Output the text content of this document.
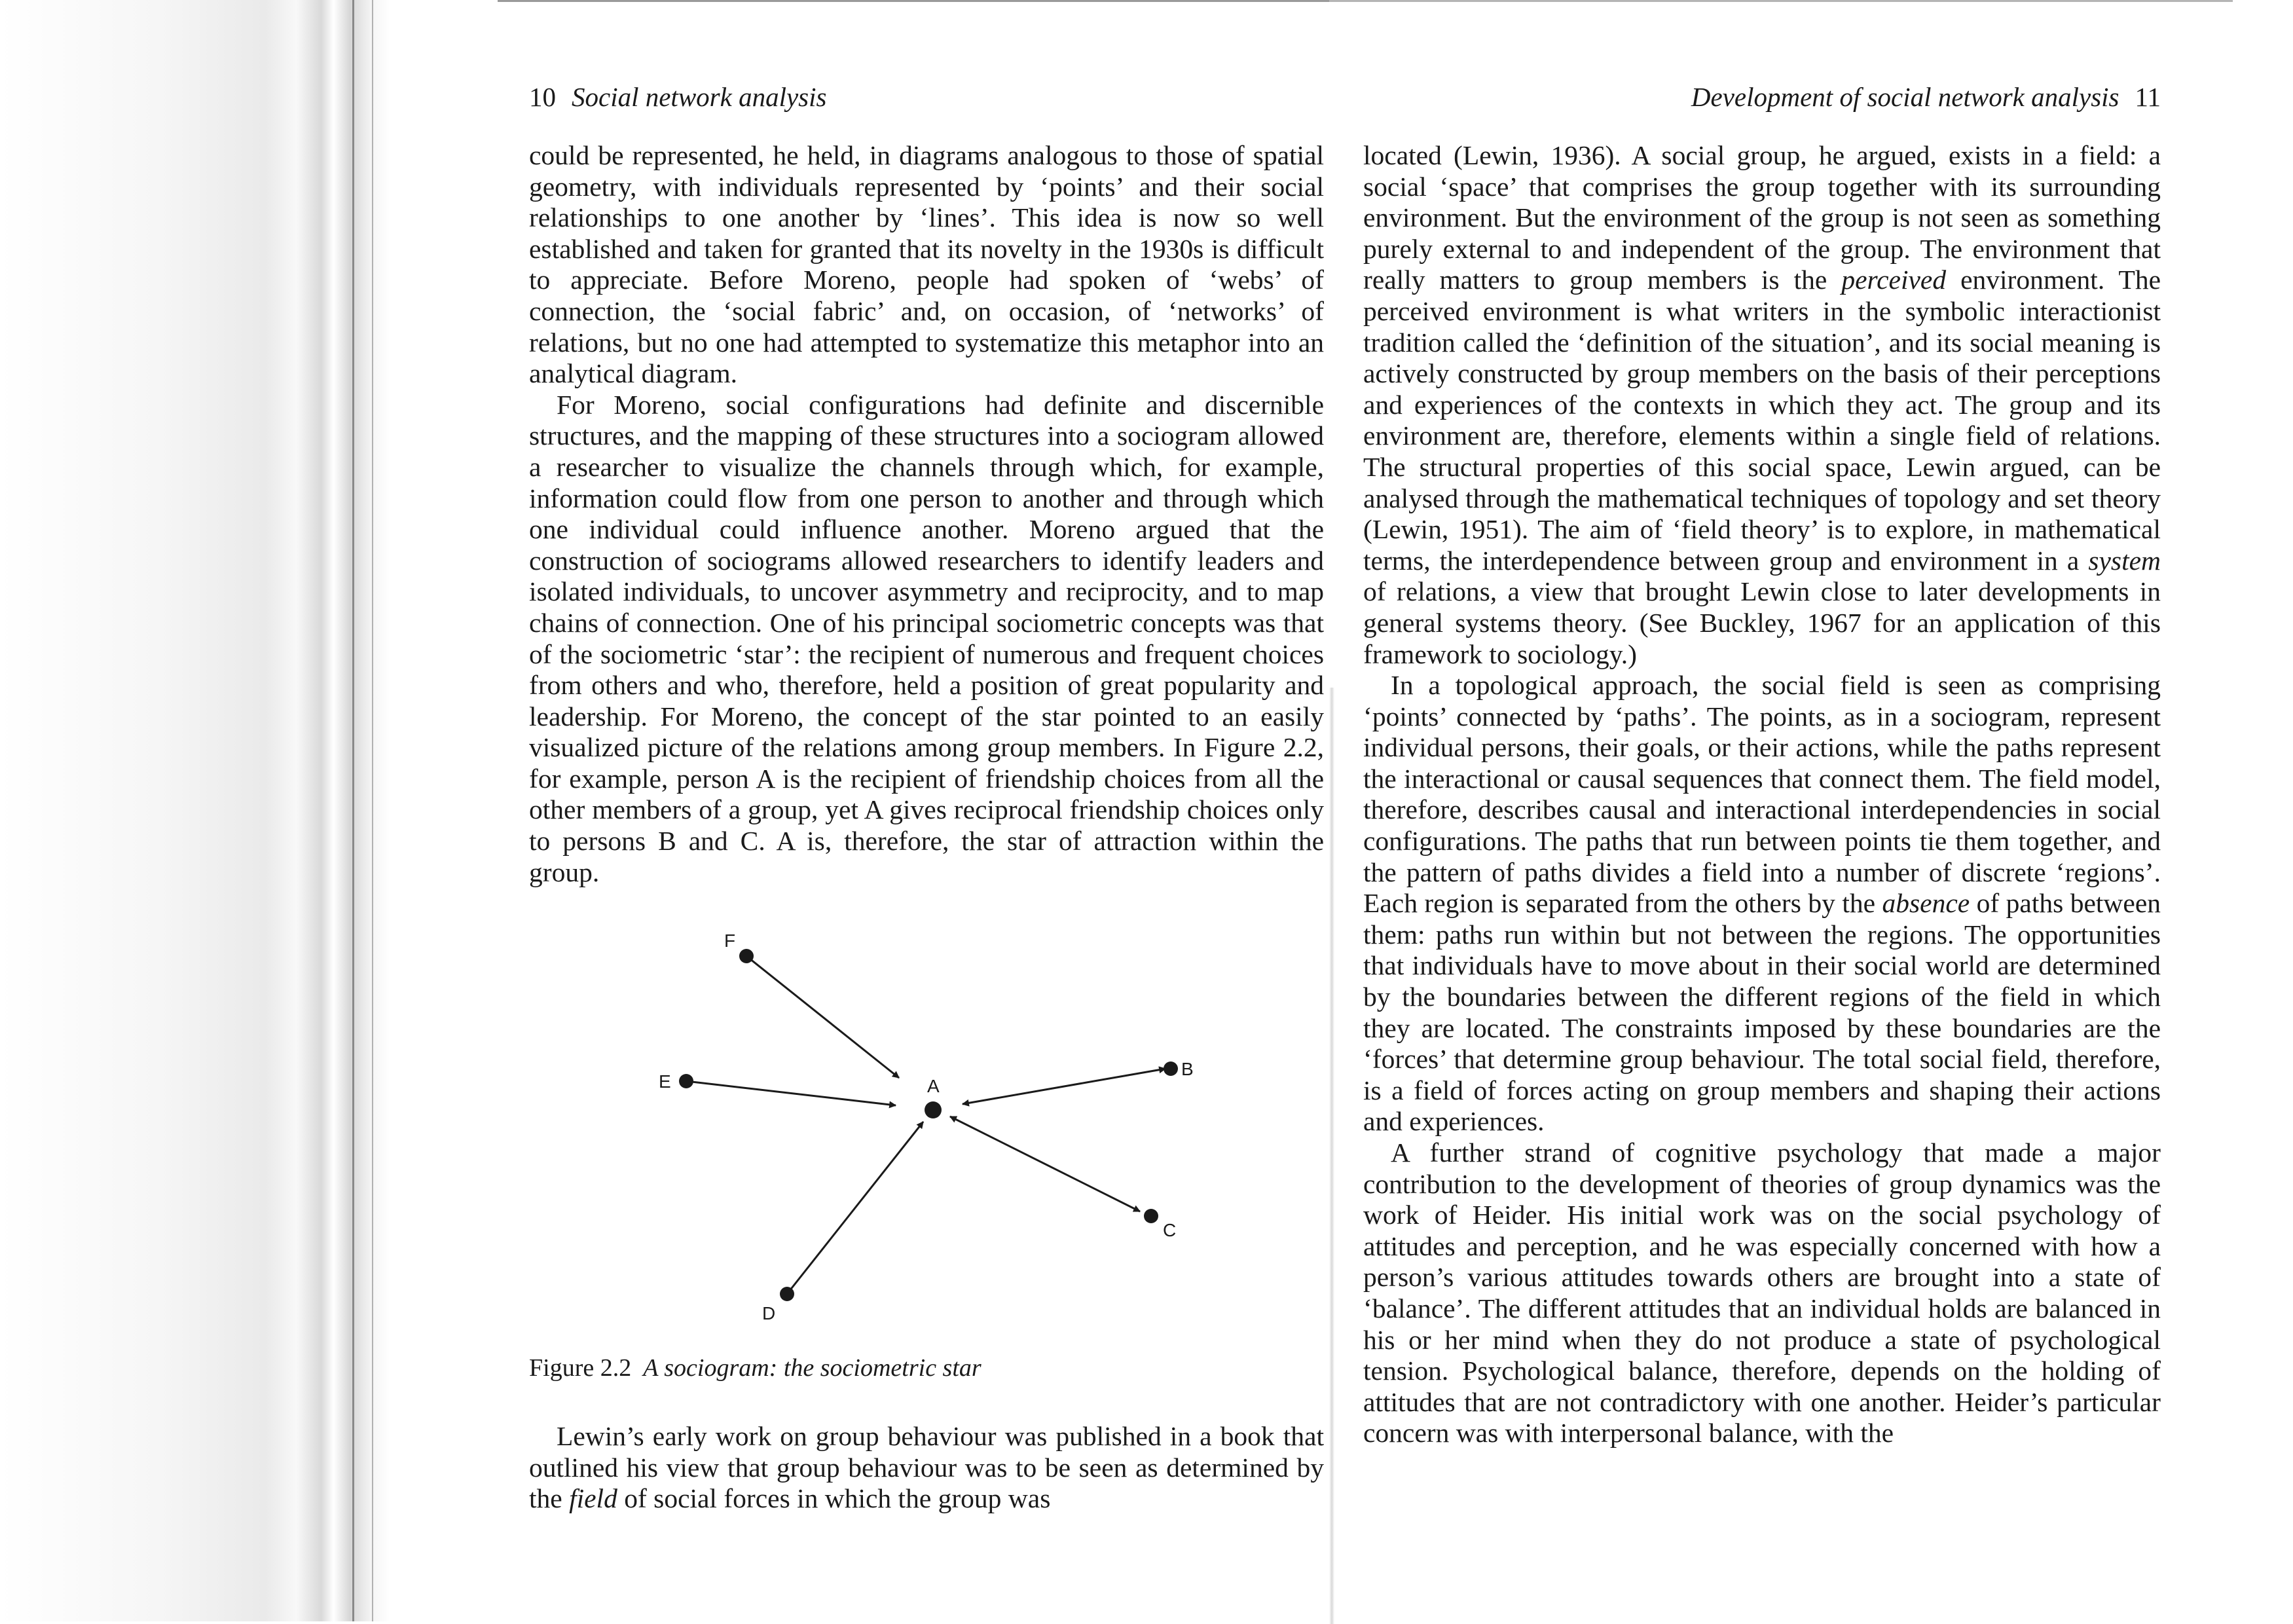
10 Social network analysis

could be represented, he held, in diagrams analogous to those of spatial geometry, with individuals represented by ‘points’ and their social relationships to one another by ‘lines’. This idea is now so well established and taken for granted that its novelty in the 1930s is difficult to appreciate. Before Moreno, people had spoken of ‘webs’ of connection, the ‘social fabric’ and, on occasion, of ‘networks’ of relations, but no one had attempted to systematize this metaphor into an analytical diagram.

For Moreno, social configurations had definite and discernible structures, and the mapping of these structures into a sociogram allowed a researcher to visualize the channels through which, for example, information could flow from one person to another and through which one individual could influence another. Moreno argued that the construction of sociograms allowed researchers to identify leaders and isolated individuals, to uncover asymmetry and reciprocity, and to map chains of connection. One of his principal sociometric concepts was that of the sociometric ‘star’: the recipient of numerous and frequent choices from others and who, therefore, held a position of great popularity and leadership. For Moreno, the concept of the star pointed to an easily visualized picture of the relations among group members. In Figure 2.2, for example, person A is the recipient of friendship choices from all the other members of a group, yet A gives reciprocal friendship choices only to persons B and C. A is, therefore, the star of attraction within the group.

A
B
C
D
E
F
Figure 2.2 A sociogram: the sociometric star

Lewin’s early work on group behaviour was published in a book that outlined his view that group behaviour was to be seen as determined by the field of social forces in which the group was

Development of social network analysis 11

located (Lewin, 1936). A social group, he argued, exists in a field: a social ‘space’ that comprises the group together with its surrounding environment. But the environment of the group is not seen as something purely external to and independent of the group. The environment that really matters to group members is the perceived environment. The perceived environment is what writers in the symbolic interactionist tradition called the ‘definition of the situation’, and its social meaning is actively constructed by group members on the basis of their perceptions and experiences of the contexts in which they act. The group and its environment are, therefore, elements within a single field of relations. The structural properties of this social space, Lewin argued, can be analysed through the mathematical techniques of topology and set theory (Lewin, 1951). The aim of ‘field theory’ is to explore, in mathematical terms, the interdependence between group and environment in a system of relations, a view that brought Lewin close to later developments in general systems theory. (See Buckley, 1967 for an application of this framework to sociology.)

In a topological approach, the social field is seen as comprising ‘points’ connected by ‘paths’. The points, as in a sociogram, represent individual persons, their goals, or their actions, while the paths represent the interactional or causal sequences that connect them. The field model, therefore, describes causal and interactional interdependencies in social configurations. The paths that run between points tie them together, and the pattern of paths divides a field into a number of discrete ‘regions’. Each region is separated from the others by the absence of paths between them: paths run within but not between the regions. The opportunities that individuals have to move about in their social world are determined by the boundaries between the different regions of the field in which they are located. The constraints imposed by these boundaries are the ‘forces’ that determine group behaviour. The total social field, therefore, is a field of forces acting on group members and shaping their actions and experiences.

A further strand of cognitive psychology that made a major contribution to the development of theories of group dynamics was the work of Heider. His initial work was on the social psychology of attitudes and perception, and he was especially concerned with how a person’s various attitudes towards others are brought into a state of ‘balance’. The different attitudes that an individual holds are balanced in his or her mind when they do not produce a state of psychological tension. Psychological balance, therefore, depends on the holding of attitudes that are not contradictory with one another. Heider’s particular concern was with interpersonal balance, with the
